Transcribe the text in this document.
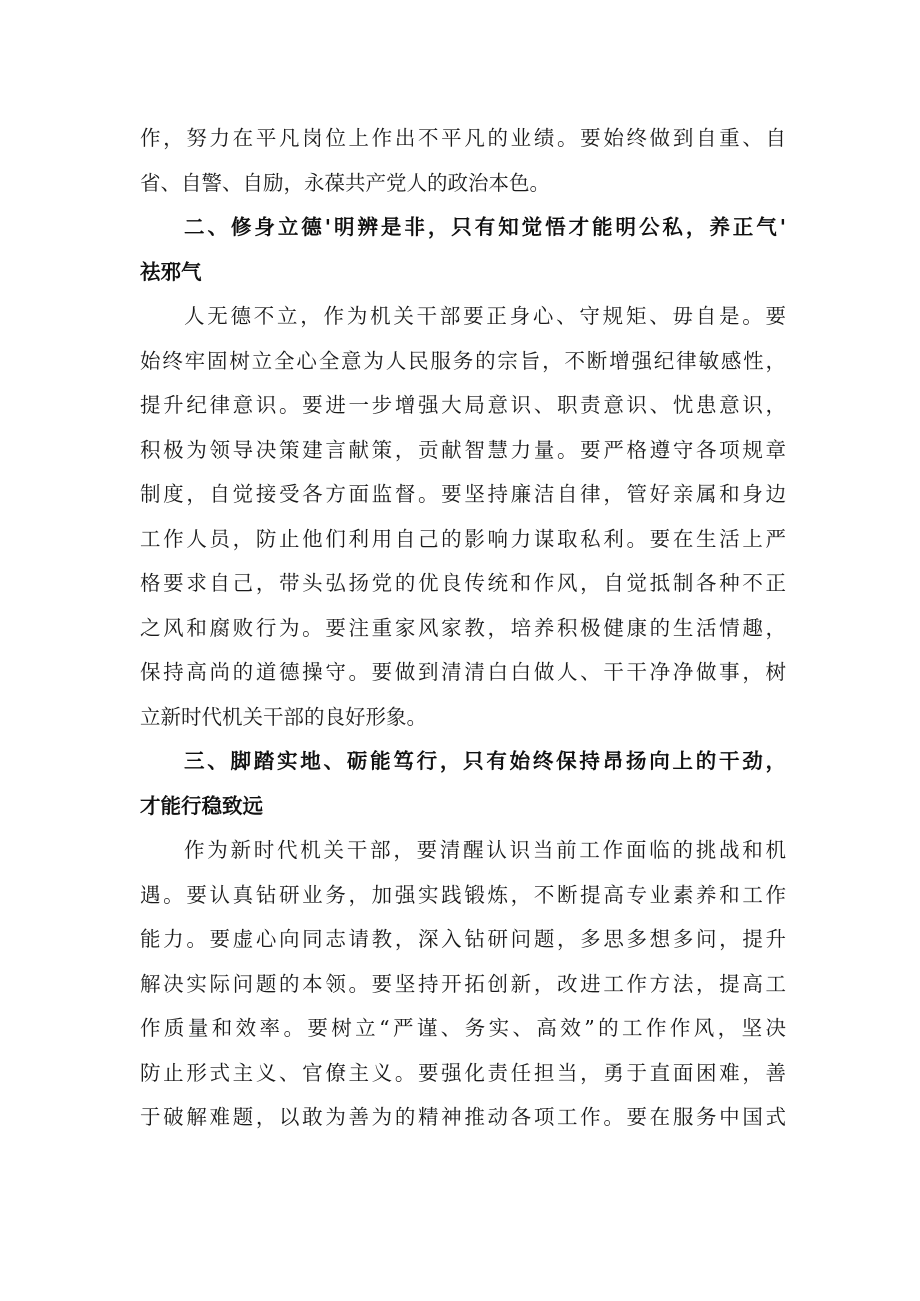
作，努力在平凡岗位上作出不平凡的业绩。要始终做到自重、自
省、自警、自励，永葆共产党人的政治本色。
二、修身立德'明辨是非，只有知觉悟才能明公私，养正气'
祛邪气
人无德不立，作为机关干部要正身心、守规矩、毋自是。要
始终牢固树立全心全意为人民服务的宗旨，不断增强纪律敏感性，
提升纪律意识。要进一步增强大局意识、职责意识、忧患意识，
积极为领导决策建言献策，贡献智慧力量。要严格遵守各项规章
制度，自觉接受各方面监督。要坚持廉洁自律，管好亲属和身边
工作人员，防止他们利用自己的影响力谋取私利。要在生活上严
格要求自己，带头弘扬党的优良传统和作风，自觉抵制各种不正
之风和腐败行为。要注重家风家教，培养积极健康的生活情趣，
保持高尚的道德操守。要做到清清白白做人、干干净净做事，树
立新时代机关干部的良好形象。
三、脚踏实地、砺能笃行，只有始终保持昂扬向上的干劲，
才能行稳致远
作为新时代机关干部，要清醒认识当前工作面临的挑战和机
遇。要认真钻研业务，加强实践锻炼，不断提高专业素养和工作
能力。要虚心向同志请教，深入钻研问题，多思多想多问，提升
解决实际问题的本领。要坚持开拓创新，改进工作方法，提高工
作质量和效率。要树立“严谨、务实、高效”的工作作风，坚决
防止形式主义、官僚主义。要强化责任担当，勇于直面困难，善
于破解难题，以敢为善为的精神推动各项工作。要在服务中国式
